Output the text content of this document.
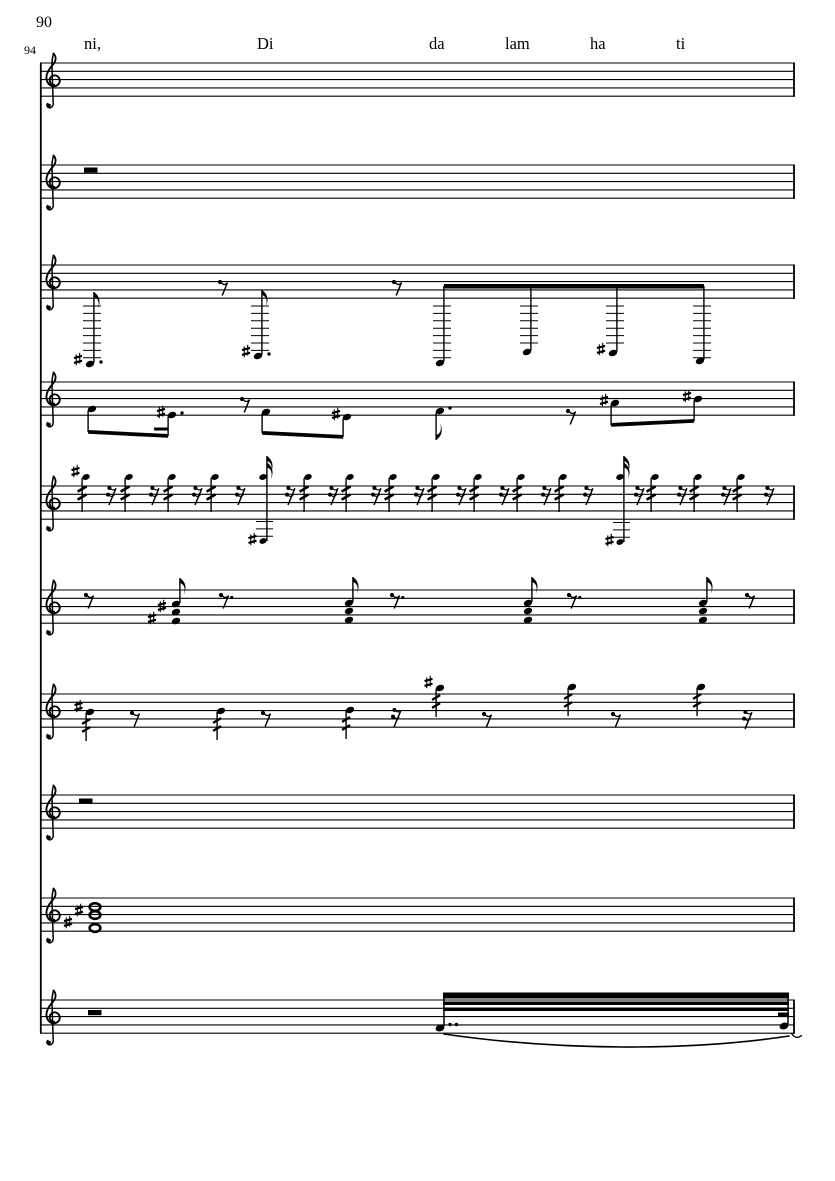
90
94	ni,	Di	da	lam	ha	ti
